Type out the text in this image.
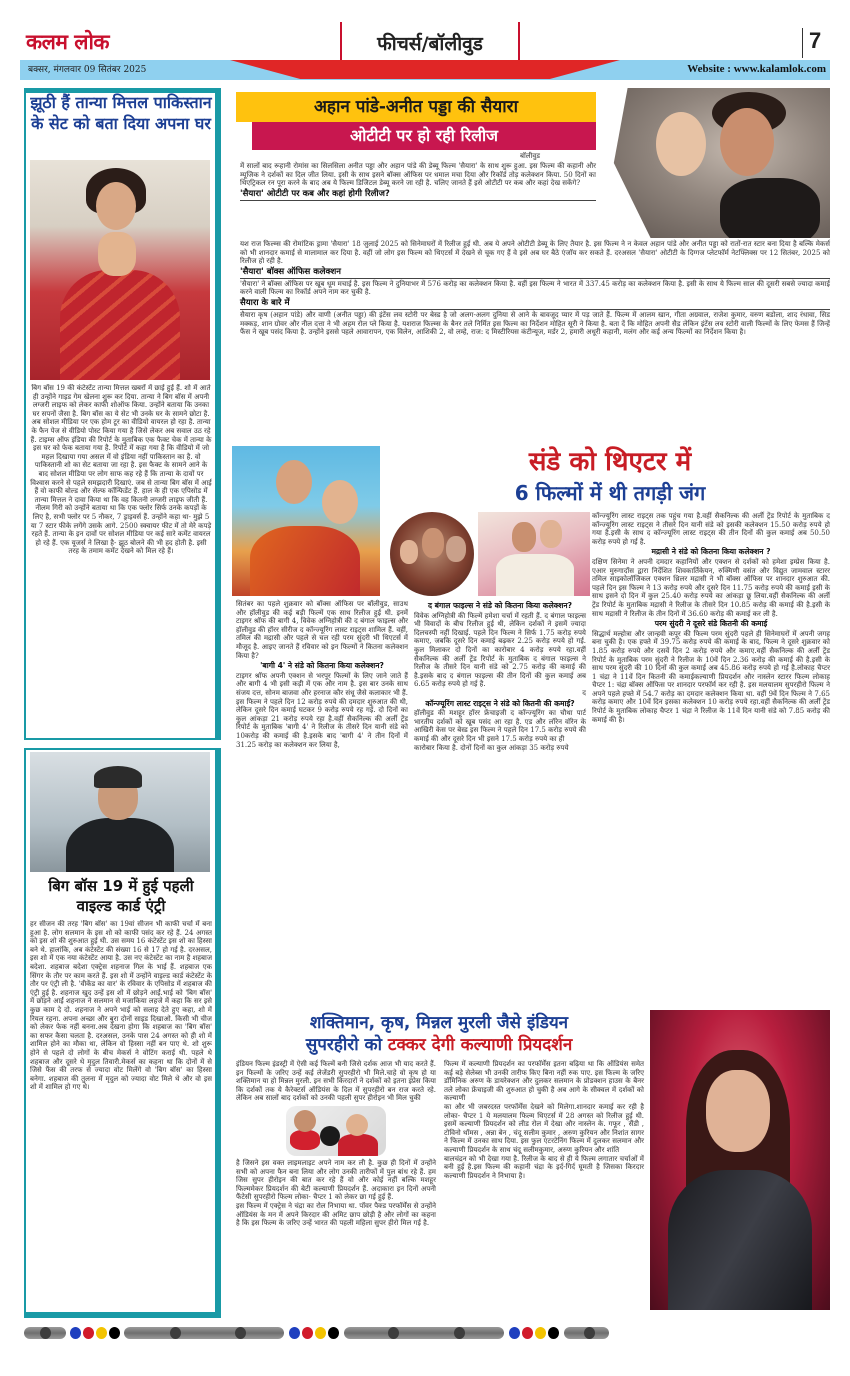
कलम लोक	फीचर्स/बॉलीवुड	7
बक्सर, मंगलवार 09 सितंबर 2025	Website : www.kalamlok.com
झूठी हैं तान्या मित्तल पाकिस्तान के सेट को बता दिया अपना घर
बिग बॉस 19 की कंटेस्टेंट तान्या मित्तल खबरों में छाई हुई हैं. शो में आते ही उन्होंने गाइड गेम खेलना शुरू कर दिया. तान्या ने बिग बॉस में अपनी लग्जरी लाइफ को लेकर काफी शोऑफ किया. उन्होंने बताया कि उनका घर सपनों जैसा है. बिग बॉस का ये सेट भी उनके घर के सामने छोटा है. अब सोशल मीडिया पर एक होम टूर का वीडियो वायरल हो रहा है. तान्या के फैन पेज से वीडियो पोस्ट किया गया है जिसे लेकर अब सवाल उठ रहे हैं. टाइम्स ऑफ इंडिया की रिपोर्ट के मुताबिक एक फैक्ट चेक में तान्या के इस घर को फेक बताया गया है. रिपोर्ट में कहा गया है कि वीडियो में जो महल दिखाया गया असल में वो इंडिया नहीं पाकिस्तान का है. वो पाकिस्तानी शो का सेट बताया जा रहा है. इस फैक्ट के सामने आने के बाद सोशल मीडिया पर लोग साफ कह रहे हैं कि तान्या के दावों पर विश्वास करने से पहले समझदारी दिखाएं. जब से तान्या बिग बॉस में आई हैं वो काफी बोल्ड और सेल्फ कॉन्फिडेंट हैं. हाल के ही एक एपिसोड में तान्या मित्तल ने दावा किया था कि वह कितनी लग्जरी लाइफ जीती हैं. नीलम गिरी को उन्होंने बताया था कि एक फ्लोर सिर्फ उनके कपड़ों के लिए है, सभी फ्लोर पर 5 नौकर, 7 ड्राइवर्स हैं. उन्होंने कहा था- मुझे 5 या 7 स्टार फीके लगेंगे उसके आगे. 2500 स्क्वायर फीट में तो मेरे कपड़े रहते हैं. तान्या के इन दावों पर सोशल मीडिया पर कई सारे कमेंट वायरल हो रहे हैं. एक यूजर्स ने लिखा है- झूठ बोलने की भी हद होती है. इसी तरह के तमाम कमेंट देखने को मिल रहे हैं।
बिग बॉस 19 में हुई पहली वाइल्ड कार्ड एंट्री
हर सीजन की तरह 'बिग बॉस' का 19वां सीजन भी काफी चर्चा में बना हुआ है. लोग सलमान के इस शो को काफी पसंद कर रहे हैं. 24 अगस्त को इस शो की शुरुआत हुई थी. उस समय 16 कंटेस्टेंट इस शो का हिस्सा बने थे. हालांकि, अब कंटेस्टेंट की संख्या 16 से 17 हो गई है. दरअसल, इस शो में एक नया कंटेस्टेंट आया है. उस नए कंटेस्टेंट का नाम है शहबाज बदेशा. शहबाज बदेशा एक्ट्रेस शहनाज गिल के भाई हैं. शहबाज एक सिंगर के तौर पर काम करते हैं. इस शो में उन्होंने वाइल्ड कार्ड कंटेस्टेंट के तौर पर एंट्री ली है. 'वीकेंड का वार' के रविवार के एपिसोड में शहबाज की एंट्री हुई है. शहनाज खुद उन्हें इस शो में छोड़ने आईं.भाई को 'बिग बॉस' में छोड़ने आईं शहनाज ने सलमान से मजाकिया लहजे में कहा कि सर इसे कुछ काम दे दो. शहनाज ने अपने भाई को सलाह देते हुए कहा, शो में रियल रहना. अपना अच्छा और बुरा दोनों साइड दिखाओ. किसी भी चीज को लेकर फेक नहीं बनना.अब देखना होगा कि शहबाज का 'बिग बॉस' का सफर कैसा चलता है. दरअसल, उनके पास 24 अगस्त को ही शो में शामिल होने का मौका था, लेकिन वो हिस्सा नहीं बन पाए थे. शो शुरू होने से पहले दो लोगों के बीच मेकर्स ने वोटिंग कराई थी. पहले थे शहबाज और दूसरे थे मृदुल तिवारी.मेकर्स का कहना था कि दोनों में से जिसे फैंस की तरफ से ज्यादा वोट मिलेंगे वो 'बिग बॉस' का हिस्सा बनेगा. शहबाज की तुलना में मृदुल को ज्यादा वोट मिले थे और वो इस शो में शामिल हो गए थे।
अहान पांडे-अनीत पड्डा की सैयारा
ओटीटी पर हो रही रिलीज
बॉलीवुड
में सालों बाद रूहानी रोमांस का सिलसिला अनीत पड्डा और अहान पांडे की डेब्यू फिल्म 'सैयारा' के साथ शुरू हुआ. इस फिल्म की कहानी और म्यूजिक ने दर्शकों का दिल जीत लिया. इसी के साथ इसने बॉक्स ऑफिस पर धमाल मचा दिया और रिकॉर्ड तोड़ कलेक्शन किया. 50 दिनों का थिएट्रिकल रन पूरा करने के बाद अब ये फिल्म डिजिटल डेब्यू करने जा रही है. चलिए जानते हैं इसे ओटीटी पर कब और कहां देख सकेंगे?
'सैयारा' ओटीटी पर कब और कहां होगी रिलीज?
यश राज फिल्म्स की रोमांटिक ड्रामा 'सैयारा' 18 जुलाई 2025 को सिनेमाघरों में रिलीज हुई थी. अब ये अपने ओटीटी डेब्यू के लिए तैयार है. इस फिल्म ने न केवल अहान पांडे और अनीत पड्डा को रातों-रात स्टार बना दिया है बल्कि मेकर्स को भी शानदार कमाई से मालामाल कर दिया है. वहीं जो लोग इस फिल्म को थिएटर्स में देखने से चूक गए हैं वे इसे अब घर बैठे एंजॉय कर सकते हैं. दरअसल 'सैयारा' ओटीटी के दिग्गज प्लेटफॉर्म नेटफ्लिक्स पर 12 सितंबर, 2025 को रिलीज हो रही है.
'सैयारा' बॉक्स ऑफिस कलेक्शन
'सैयारा' ने बॉक्स ऑफिस पर खूब धूम मचाई है. इस फिल्म ने दुनियाभर में 576 करोड़ का कलेक्शन किया है. वहीं इस फिल्म ने भारत में 337.45 करोड़ का कलेक्शन किया है. इसी के साथ ये फिल्म साल की दूसरी सबसे ज्यादा कमाई करने वाली फिल्म का रिकॉर्ड अपने नाम कर चुकी है.
सैयारा के बारे में
सैयारा कृष (अहान पांडे) और वाणी (अनीत पड्डा) की इंटेंस लव स्टोरी पर बेस्ड है जो अलग-अलग दुनिया से आने के बावजूद प्यार में पड़ जाते हैं. फिल्म में आलम खान, गीता अग्रवाल, राजेश कुमार, वरुण बडोला, शाद रंधावा, सिड मक्कड़, शान ग्रोवर और नील दत्ता ने भी अहम रोल प्ले किया है. यशराज फिल्म्स के बैनर तले निर्मित इस फिल्म का निर्देशन मोहित सूरी ने किया है. बता दें कि मोहित अपनी सैड लेकिन इंटेंस लव स्टोरी वाली फिल्मों के लिए फेमस हैं जिन्हें फैंस ने खूब पसंद किया है. उन्होंने इससे पहले आवारापन, एक विलेन, आशिकी 2, वो लम्हे, राज: द मिस्टीरियस कंटीन्यूज, मर्डर 2, हमारी अधूरी कहानी, मलंग और कई अन्य फिल्मों का निर्देशन किया है।
संडे को थिएटर में
6 फिल्मों में थी तगड़ी जंग
सितंबर का पहले शुक्रवार को बॉक्स ऑफिस पर बॉलीवुड, साउथ और हॉलीवुड की कई बड़ी फिल्में एक साथ रिलीज हुई थी. इनमें टाइगर श्रॉफ की बागी 4, विवेक अग्निहोत्री की द बंगाल फाइल्स और हॉलीवुड की हॉरर सीरीज द कॉन्ज्यूरिंग लास्ट राइट्स शामिल हैं. वहीं, तमिल की मद्रासी और पहले से चल रही परम सुंदरी भी थिएटर्स में मौजूद है. आइए जानते हैं रविवार को इन फिल्मों ने कितना कलेक्शन किया है?
'बागी 4' ने संडे को कितना किया कलेक्शन?
टाइगर श्रॉफ अपनी एक्शन से भरपूर फिल्मों के लिए जाने जाते हैं और बागी 4 भी इसी कड़ी में एक और नाम है. इस बार उनके साथ संजय दत्त, सोनम बाजवा और हरनाज कौर संधू जैसे कलाकार भी हैं. इस फिल्म ने पहले दिन 12 करोड़ रुपये की दमदार शुरुआत की थी, लेकिन दूसरे दिन कमाई घटकर 9 करोड़ रुपये रह गई. दो दिनों का कुल आंकड़ा 21 करोड़ रुपये रहा है.वहीं सैकनिल्क की अर्ली ट्रेंड रिपोर्ट के मुताबिक 'बागी 4' ने रिलीज के तीसरे दिन यानी संडे को 10करोड़ की कमाई की है.इसके बाद 'बागी 4' ने तीन दिनों में 31.25 करोड़ का कलेक्शन कर लिया है,
द बंगाल फाइल्स ने संडे को कितना किया कलेक्शन?
विवेक अग्निहोत्री की फिल्में हमेशा चर्चा में रहती हैं. द बंगाल फाइल्स भी विवादों के बीच रिलीज हुई थी, लेकिन दर्शकों ने इसमें ज्यादा दिलचस्पी नहीं दिखाई. पहले दिन फिल्म ने सिर्फ 1.75 करोड़ रुपये कमाए, जबकि दूसरे दिन कमाई बढ़कर 2.25 करोड़ रुपये हो गई. कुल मिलाकर दो दिनों का कारोबार 4 करोड़ रुपये रहा.वहीं सैकनिल्क की अर्ली ट्रेंड रिपोर्ट के मुताबिक द बंगाल फाइल्स ने रिलीज के तीसरे दिन यानी संडे को 2.75 करोड़ की कमाई की है.इसके बाद द बंगाल फाइल्स की तीन दिनों की कुल कमाई अब 6.65 करोड़ रुपये हो गई है.
द
कॉन्ज्यूरिंग लास्ट राइट्स ने संडे को कितनी की कमाई?
हॉलीवुड की मशहूर हॉरर फ्रेंचाइजी द कॉन्ज्यूरिंग का चौथा पार्ट भारतीय दर्शकों को खूब पसंद आ रहा है. एड और लॉरेन वॉरेन के आखिरी केस पर बेस्ड इस फिल्म ने पहले दिन 17.5 करोड़ रुपये की कमाई की और दूसरे दिन भी इसने 17.5 करोड़ रुपये का ही
कारोबार किया है. दोनों दिनों का कुल आंकड़ा 35 करोड़ रुपये
कॉन्ज्यूरिंग लास्ट राइट्स तक पहुंच गया है.वहीं सैकनिल्क की अर्ली ट्रेंड रिपोर्ट के मुताबिक द कॉन्ज्यूरिंग लास्ट राइट्स ने तीसरे दिन यानी संडे को इसकी कलेक्शन 15.50 करोड़ रुपये हो गया है.इसी के साथ द कॉन्ज्यूरिंग लास्ट राइट्स की तीन दिनों की कुल कमाई अब 50.50 करोड़ रुपये हो गई है.
मद्रासी ने संडे को कितना किया कलेक्शन ?
दक्षिण सिनेमा ने अपनी दमदार कहानियों और एक्शन से दर्शकों को हमेशा इम्प्रेस किया है. एआर मुरुगादॉस द्वारा निर्देशित शिवकार्तिकेयन, रुक्मिणी वसंत और विद्युत जामवाल स्टारर तमिल साइकोलॉजिकल एक्शन थ्रिलर मद्रासी ने भी बॉक्स ऑफिस पर शानदार शुरुआत की. पहले दिन इस फिल्म ने 13 करोड़ रुपये और दूसरे दिन 11.75 करोड़ रुपये की कमाई इसी के साथ इसने दो दिन में कुल 25.40 करोड़ रुपये का आंकड़ा छू लिया.वहीं सैकनिल्क की अर्ली ट्रेंड रिपोर्ट के मुताबिक मद्रासी ने रिलीज के तीसरे दिन 10.85 करोड़ की कमाई की है.इसी के साथ मद्रासी ने रिलीज के तीन दिनों में 36.60 करोड़ की कमाई कर ली है.
परम सुंदरी ने दूसरे संडे कितनी की कमाई
सिद्धार्थ मल्होत्रा और जान्हवी कपूर की फिल्म परम सुंदरी पहले ही सिनेमाघरों में अपनी जगह बना चुकी है। एक हफ्ते में 39.75 करोड़ रुपये की कमाई के बाद, फिल्म ने दूसरे शुक्रवार को 1.85 करोड़ रुपये और दसवें दिन 2 करोड़ रुपये और कमाए.वहीं सैकनिल्क की अर्ली ट्रेंड रिपोर्ट के मुताबिक परम सुंदरी ने रिलीज के 10वें दिन 2.36 करोड़ की कमाई की है.इसी के साथ परम सुंदरी की 10 दिनों की कुल कमाई अब 45.86 करोड़ रुपये हो गई है.लोकाह चैप्टर 1 चंद्रा ने 11वें दिन कितनी की कमाईकल्याणी प्रियदर्शन और नास्लेन स्टारर फिल्म लोकाह चैप्टर 1: चंद्रा बॉक्स ऑफिस पर शानदार परफॉर्म कर रही है. इस मलयालम सुपरहीरो फिल्म ने अपने पहले हफ्ते में 54.7 करोड़ का दमदार कलेक्शन किया था. वहीं 9वें दिन फिल्म ने 7.65 करोड़ कमाए और 10वें दिन इसका कलेक्शन 10 करोड़ रुपये रहा.वहीं सैकनिल्क की अर्ली ट्रेंड रिपोर्ट के मुताबिक लोकाह चैप्टर 1 चंद्रा ने रिलीज के 11वें दिन यानी संडे को 7.85 करोड़ की कमाई की है।
शक्तिमान, कृष, मिन्नल मुरली जैसे इंडियन
सुपरहीरो को टक्कर देगी कल्याणी प्रियदर्शन
इंडियन फिल्म इंडस्ट्री में ऐसी कई फिल्में बनी जिसे दर्शक आज भी याद करते हैं. इन फिल्मों के जरिए उन्हें कई लेजेंडरी सुपरहीरो भी मिले.चाहे वो कृष हो या शक्तिमान या हो मिन्नल मुरली. इन सभी किरदारों ने दर्शकों को इतना इंप्रेस किया कि दर्शकों तक ये कैरेक्टर्स ऑडियंस के दिल में सुपरहीरो बन राज करते रहे. लेकिन अब सालों बाद दर्शकों को उनकी पहली सुपर हीरोइन भी मिल चुकी
है जिसने इस वक्त लाइमलाइट अपने नाम कर ली है. कुछ ही दिनों में उन्होंने सभी को अपना फैन बना लिया और लोग उनकी तारीफों में पुल बांध रहे हैं. हम जिस सुपर हीरोइन की बात कर रहे हैं वो और कोई नहीं बल्कि मशहूर फिल्ममेकर प्रियदर्शन की बेटी कल्याणी प्रियदर्शन हैं. अदाकारा इन दिनों अपनी फैंटेसी सुपरहीरो फिल्म लोका- चैप्टर 1 को लेकर छा गई हुई हैं.
इस फिल्म में एक्ट्रेस ने चंद्रा का रोल निभाया था. पॉवर पैक्ड परफॉर्मेंस से उन्होंने ऑडियंस के मन में अपने किरदार की अमिट छाप छोड़ी है और लोगों का कहना है कि इस फिल्म के जरिए उन्हें भारत की पहली महिला सुपर हीरो मिल गई है.
फिल्म में कल्याणी प्रियदर्शन का परफॉर्मेंस इतना बढ़िया था कि ऑडियंस समेत कई बड़े सेलेब्स भी उनकी तारीफ किए बिना नहीं रुक पाए. इस फिल्म के जरिए डॉमिनिक अरुण के डायरेक्शन और दुलकर सलमान के प्रोडक्शन हाउस के बैनर तले लोका फ्रेंचाइजी की शुरुआत हो चुकी है अब आगे के सीक्वल में दर्शकों को कल्याणी
का और भी जबरदस्त परफॉर्मेंस देखने को मिलेगा.शानदार कमाई कर रही है लोका- चैप्टर 1 ये मलयालम फिल्म थिएटर्स में 28 अगस्त को रिलीज हुई थी. इसमें कल्याणी प्रियदर्शन को लीड रोल में देखा और नास्लेन के. गफूर , सैंडी , टोविनो थॉमस , अन्ना बेन , चंदू सलीम कुमार , अरुण कुरियन और निशांत सागर ने फिल्म में उनका साथ दिया. इस फुल एंटरटेनिंग फिल्म में दुलकर सलमान और कल्याणी प्रियदर्शन के साथ चंदू सलीमकुमार, अरुण कुरियन और शांति
बालचंद्रन को भी देखा गया है. रिलीज के बाद से ही ये फिल्म लगातार चर्चाओं में बनी हुई है.इस फिल्म की कहानी चंद्रा के इर्द-गिर्द घूमती है जिसका किरदार कल्याणी प्रियदर्शन ने निभाया है।
